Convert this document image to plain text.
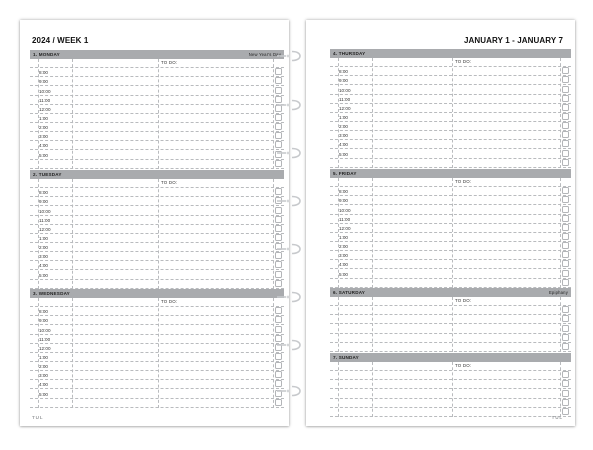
2024 / WEEK 1
1. MONDAY	New Year's Day
TO DO:
8:00
9:00
10:00
11:00
12:00
1:00
2:00
3:00
4:00
5:00
2. TUESDAY
TO DO:
8:00
9:00
10:00
11:00
12:00
1:00
2:00
3:00
4:00
5:00
3. WEDNESDAY
TO DO:
8:00
9:00
10:00
11:00
12:00
1:00
2:00
3:00
4:00
5:00
TUL
JANUARY 1 - JANUARY 7
4. THURSDAY
TO DO:
8:00
9:00
10:00
11:00
12:00
1:00
2:00
3:00
4:00
5:00
5. FRIDAY
TO DO:
8:00
9:00
10:00
11:00
12:00
1:00
2:00
3:00
4:00
5:00
6. SATURDAY	Epiphany
TO DO:
7. SUNDAY
TO DO:
TUL
